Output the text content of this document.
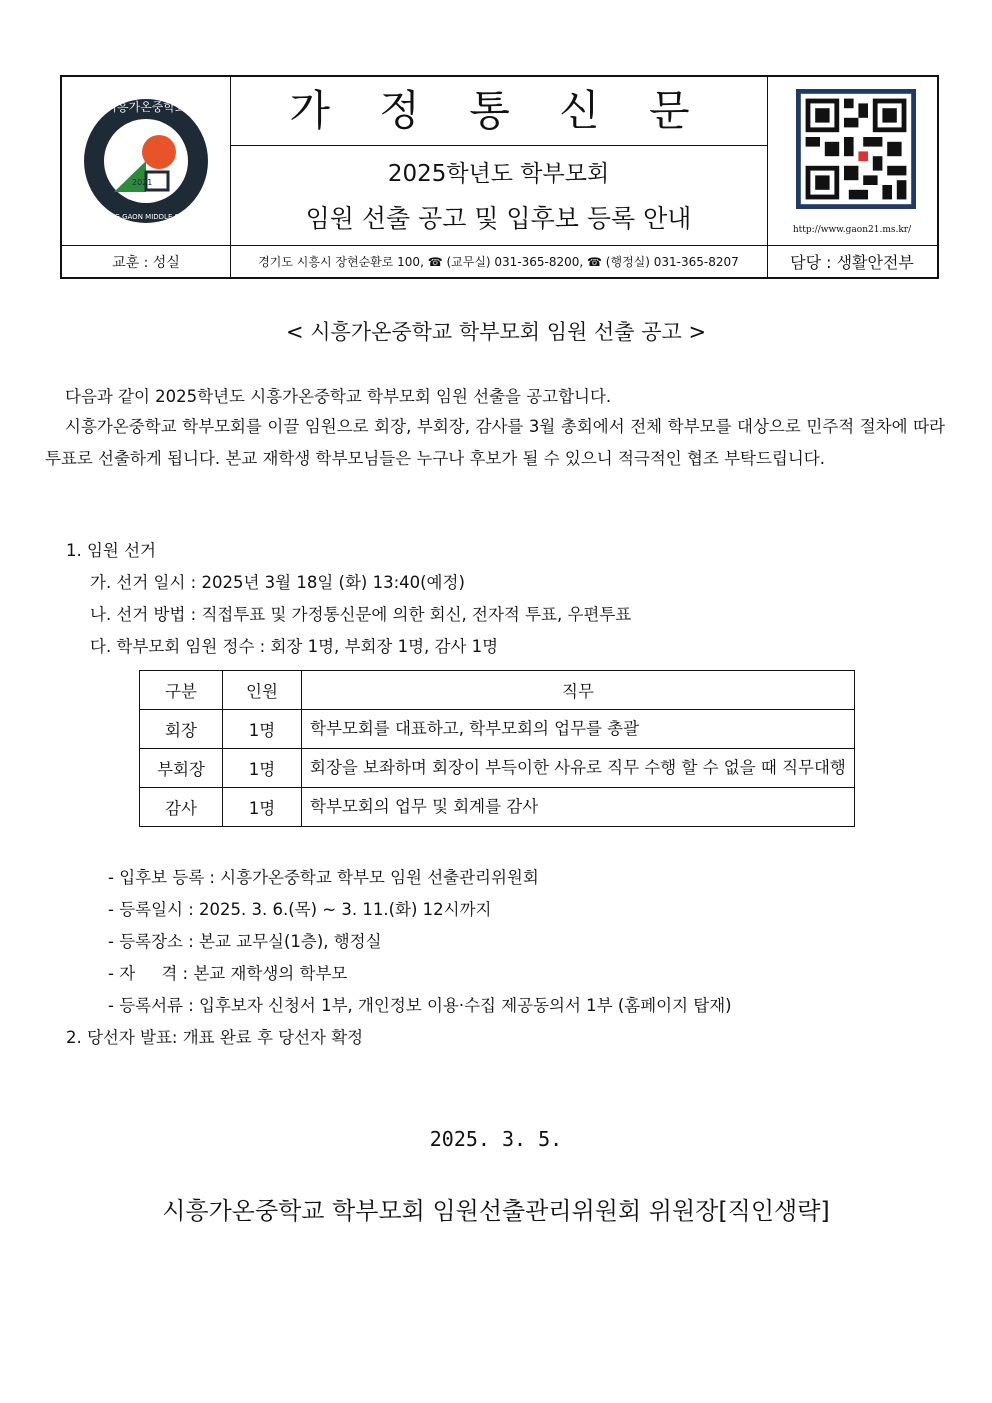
2021
시흥가온중학교
SIHEUNG GAON MIDDLE SCHOOL
가 정 통 신 문
2025학년도 학부모회
임원 선출 공고 및 입후보 등록 안내	http://www.gaon21.ms.kr/
교훈 : 성실	경기도 시흥시 장현순환로 100, ☎ (교무실) 031-365-8200, ☎ (행정실) 031-365-8207	담당 : 생활안전부
< 시흥가온중학교 학부모회 임원 선출 공고 >
다음과 같이 2025학년도 시흥가온중학교 학부모회 임원 선출을 공고합니다.
시흥가온중학교 학부모회를 이끌 임원으로 회장, 부회장, 감사를 3월 총회에서 전체 학부모를 대상으로 민주적 절차에 따라 투표로 선출하게 됩니다. 본교 재학생 학부모님들은 누구나 후보가 될 수 있으니 적극적인 협조 부탁드립니다.
1. 임원 선거
가. 선거 일시 : 2025년 3월 18일 (화) 13:40(예정)
나. 선거 방법 : 직접투표 및 가정통신문에 의한 회신, 전자적 투표, 우편투표
다. 학부모회 임원 정수 : 회장 1명, 부회장 1명, 감사 1명
구분	인원	직무
회장	1명	학부모회를 대표하고, 학부모회의 업무를 총괄
부회장	1명	회장을 보좌하며 회장이 부득이한 사유로 직무 수행 할 수 없을 때 직무대행
감사	1명	학부모회의 업무 및 회계를 감사
- 입후보 등록 : 시흥가온중학교 학부모 임원 선출관리위원회
- 등록일시 : 2025. 3. 6.(목) ~ 3. 11.(화) 12시까지
- 등록장소 : 본교 교무실(1층), 행정실
- 자     격 : 본교 재학생의 학부모
- 등록서류 : 입후보자 신청서 1부, 개인정보 이용·수집 제공동의서 1부 (홈페이지 탑재)
2. 당선자 발표: 개표 완료 후 당선자 확정
2025. 3. 5.
시흥가온중학교 학부모회 임원선출관리위원회 위원장[직인생략]
